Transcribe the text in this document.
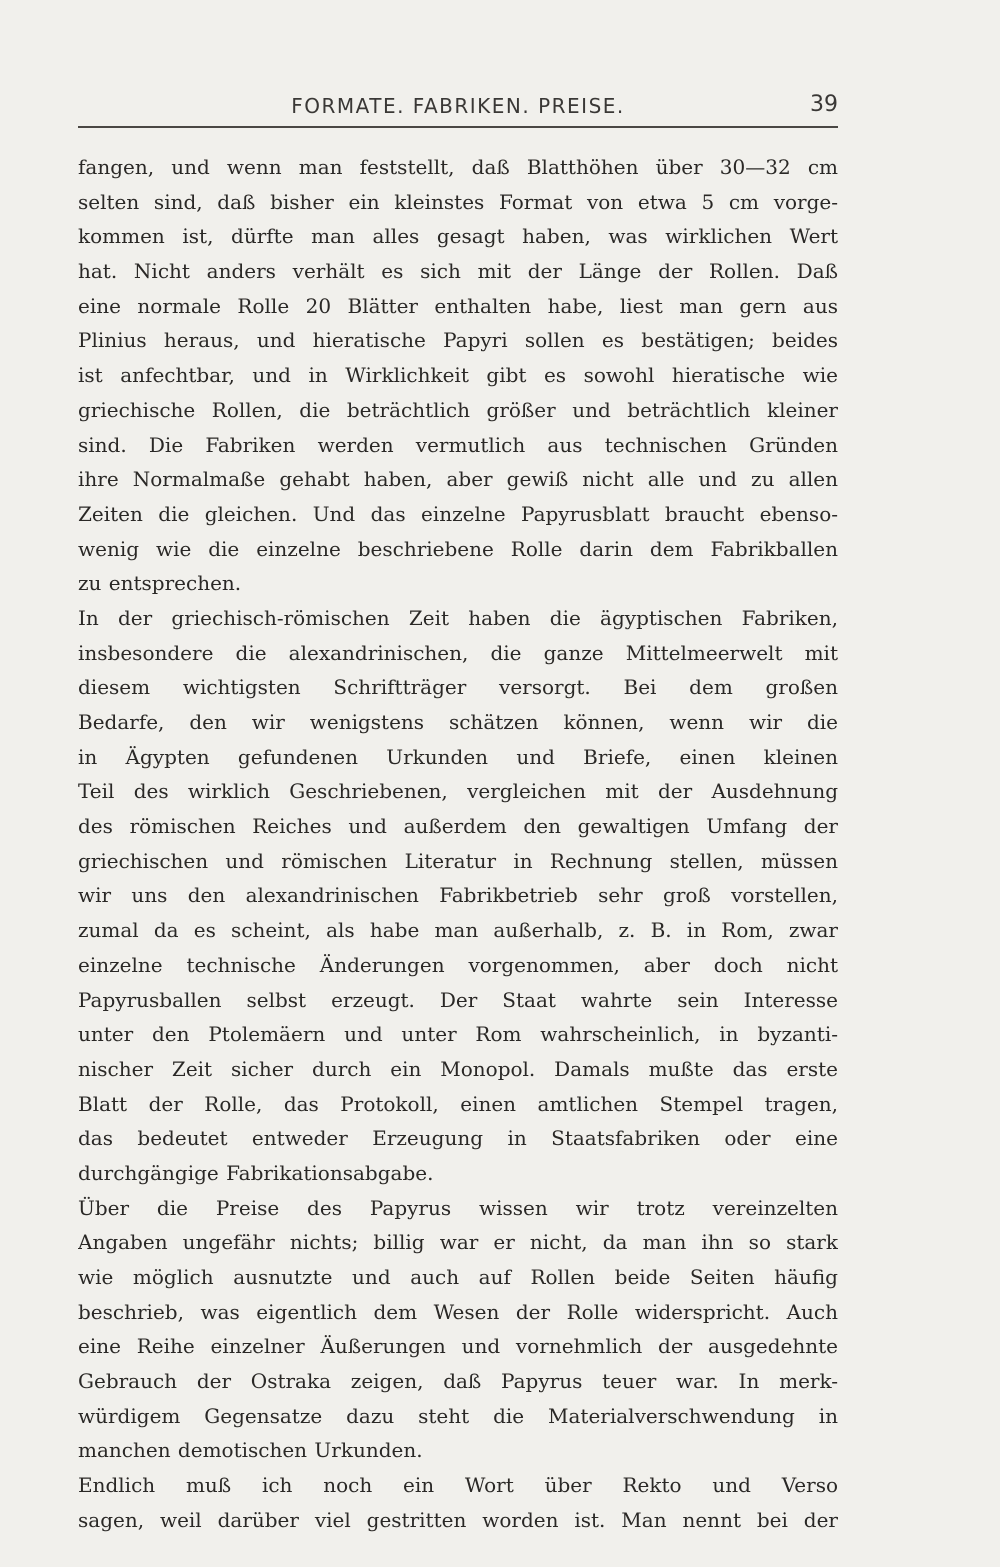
FORMATE. FABRIKEN. PREISE.	39
fangen, und wenn man feststellt, daß Blatthöhen über 30—32 cm
selten sind, daß bisher ein kleinstes Format von etwa 5 cm vorge-
kommen ist, dürfte man alles gesagt haben, was wirklichen Wert
hat. Nicht anders verhält es sich mit der Länge der Rollen. Daß
eine normale Rolle 20 Blätter enthalten habe, liest man gern aus
Plinius heraus, und hieratische Papyri sollen es bestätigen; beides
ist anfechtbar, und in Wirklichkeit gibt es sowohl hieratische wie
griechische Rollen, die beträchtlich größer und beträchtlich kleiner
sind. Die Fabriken werden vermutlich aus technischen Gründen
ihre Normalmaße gehabt haben, aber gewiß nicht alle und zu allen
Zeiten die gleichen. Und das einzelne Papyrusblatt braucht ebenso-
wenig wie die einzelne beschriebene Rolle darin dem Fabrikballen
zu entsprechen.
In der griechisch-römischen Zeit haben die ägyptischen Fabriken,
insbesondere die alexandrinischen, die ganze Mittelmeerwelt mit
diesem wichtigsten Schriftträger versorgt. Bei dem großen
Bedarfe, den wir wenigstens schätzen können, wenn wir die
in Ägypten gefundenen Urkunden und Briefe, einen kleinen
Teil des wirklich Geschriebenen, vergleichen mit der Ausdehnung
des römischen Reiches und außerdem den gewaltigen Umfang der
griechischen und römischen Literatur in Rechnung stellen, müssen
wir uns den alexandrinischen Fabrikbetrieb sehr groß vorstellen,
zumal da es scheint, als habe man außerhalb, z. B. in Rom, zwar
einzelne technische Änderungen vorgenommen, aber doch nicht
Papyrusballen selbst erzeugt. Der Staat wahrte sein Interesse
unter den Ptolemäern und unter Rom wahrscheinlich, in byzanti-
nischer Zeit sicher durch ein Monopol. Damals mußte das erste
Blatt der Rolle, das Protokoll, einen amtlichen Stempel tragen,
das bedeutet entweder Erzeugung in Staatsfabriken oder eine
durchgängige Fabrikationsabgabe.
Über die Preise des Papyrus wissen wir trotz vereinzelten
Angaben ungefähr nichts; billig war er nicht, da man ihn so stark
wie möglich ausnutzte und auch auf Rollen beide Seiten häufig
beschrieb, was eigentlich dem Wesen der Rolle widerspricht. Auch
eine Reihe einzelner Äußerungen und vornehmlich der ausgedehnte
Gebrauch der Ostraka zeigen, daß Papyrus teuer war. In merk-
würdigem Gegensatze dazu steht die Materialverschwendung in
manchen demotischen Urkunden.
Endlich muß ich noch ein Wort über Rekto und Verso
sagen, weil darüber viel gestritten worden ist. Man nennt bei der
